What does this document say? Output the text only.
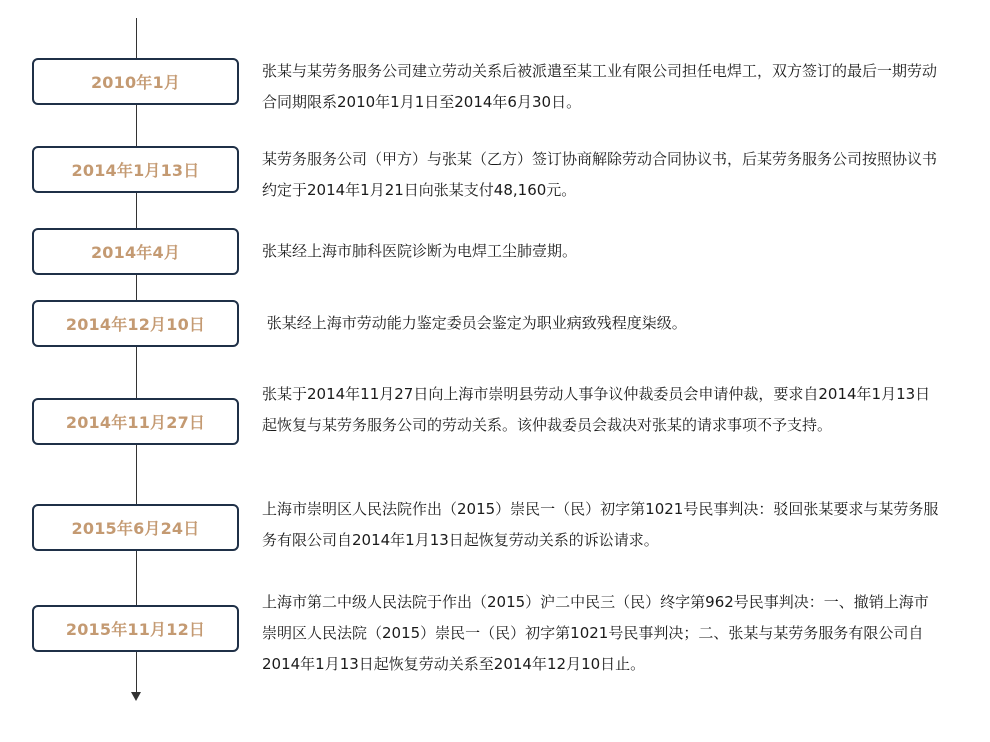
2010年1月

张某与某劳务服务公司建立劳动关系后被派遣至某工业有限公司担任电焊工，双方签订的最后一期劳动合同期限系2010年1月1日至2014年6月30日。

2014年1月13日

某劳务服务公司（甲方）与张某（乙方）签订协商解除劳动合同协议书，后某劳务服务公司按照协议书约定于2014年1月21日向张某支付48,160元。

2014年4月	张某经上海市肺科医院诊断为电焊工尘肺壹期。

2014年12月10日	张某经上海市劳动能力鉴定委员会鉴定为职业病致残程度柒级。

2014年11月27日

张某于2014年11月27日向上海市崇明县劳动人事争议仲裁委员会申请仲裁，要求自2014年1月13日起恢复与某劳务服务公司的劳动关系。该仲裁委员会裁决对张某的请求事项不予支持。

2015年6月24日

上海市崇明区人民法院作出（2015）崇民一（民）初字第1021号民事判决：驳回张某要求与某劳务服务有限公司自2014年1月13日起恢复劳动关系的诉讼请求。

2015年11月12日

上海市第二中级人民法院于作出（2015）沪二中民三（民）终字第962号民事判决：一、撤销上海市崇明区人民法院（2015）崇民一（民）初字第1021号民事判决；二、张某与某劳务服务有限公司自2014年1月13日起恢复劳动关系至2014年12月10日止。
